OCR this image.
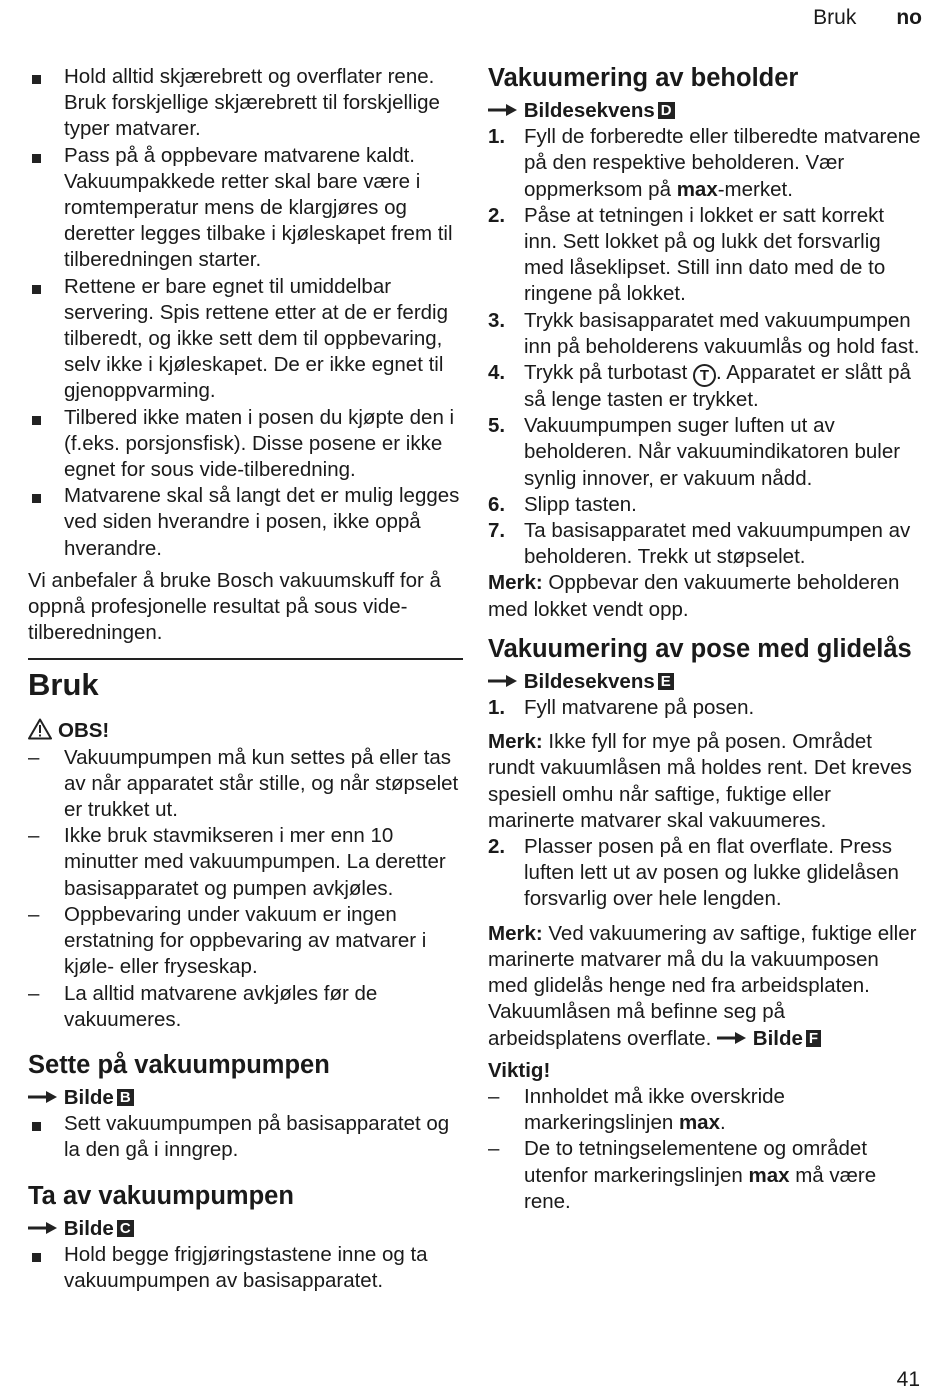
Bruk no
Hold alltid skjærebrett og overflater rene. Bruk forskjellige skjærebrett til forskjellige typer matvarer.
Pass på å oppbevare matvarene kaldt. Vakuumpakkede retter skal bare være i romtemperatur mens de klargjøres og deretter legges tilbake i kjøleskapet frem til tilberedningen starter.
Rettene er bare egnet til umiddelbar servering. Spis rettene etter at de er ferdig tilberedt, og ikke sett dem til oppbevaring, selv ikke i kjøleskapet. De er ikke egnet til gjenoppvarming.
Tilbered ikke maten i posen du kjøpte den i (f.eks. porsjonsfisk). Disse posene er ikke egnet for sous vide-tilberedning.
Matvarene skal så langt det er mulig legges ved siden hverandre i posen, ikke oppå hverandre.

Vi anbefaler å bruke Bosch vakuumskuff for å oppnå profesjonelle resultat på sous vide-tilberedningen.

Bruk
OBS!
– Vakuumpumpen må kun settes på eller tas av når apparatet står stille, og når støpselet er trukket ut.
– Ikke bruk stavmikseren i mer enn 10 minutter med vakuumpumpen. La deretter basisapparatet og pumpen avkjøles.
– Oppbevaring under vakuum er ingen erstatning for oppbevaring av matvarer i kjøle- eller fryseskap.
– La alltid matvarene avkjøles før de vakuumeres.
Sette på vakuumpumpen
Bilde B
Sett vakuumpumpen på basisapparatet og la den gå i inngrep.
Ta av vakuumpumpen
Bilde C
Hold begge frigjøringstastene inne og ta vakuumpumpen av basisapparatet.
Vakuumering av beholder
Bildesekvens D
1. Fyll de forberedte eller tilberedte matvarene på den respektive beholderen. Vær oppmerksom på max-merket.
2. Påse at tetningen i lokket er satt korrekt inn. Sett lokket på og lukk det forsvarlig med låseklipset. Still inn dato med de to ringene på lokket.
3. Trykk basisapparatet med vakuumpumpen inn på beholderens vakuumlås og hold fast.
4. Trykk på turbotast T . Apparatet er slått på så lenge tasten er trykket.
5. Vakuumpumpen suger luften ut av beholderen. Når vakuumindikatoren buler synlig innover, er vakuum nådd.
6. Slipp tasten.
7. Ta basisapparatet med vakuumpumpen av beholderen. Trekk ut støpselet.

Merk: Oppbevar den vakuumerte beholderen med lokket vendt opp.

Vakuumering av pose med glidelås
Bildesekvens E
1. Fyll matvarene på posen.

Merk: Ikke fyll for mye på posen. Området rundt vakuumlåsen må holdes rent. Det kreves spesiell omhu når saftige, fuktige eller marinerte matvarer skal vakuumeres.

2. Plasser posen på en flat overflate. Press luften lett ut av posen og lukke glidelåsen forsvarlig over hele lengden.

Merk: Ved vakuumering av saftige, fuktige eller marinerte matvarer må du la vakuumposen med glidelås henge ned fra arbeidsplaten. Vakuumlåsen må befinne seg på arbeidsplatens overflate. Bilde F

Viktig!

– Innholdet må ikke overskride markeringslinjen max.
– De to tetningselementene og området utenfor markeringslinjen max må være rene.
41
